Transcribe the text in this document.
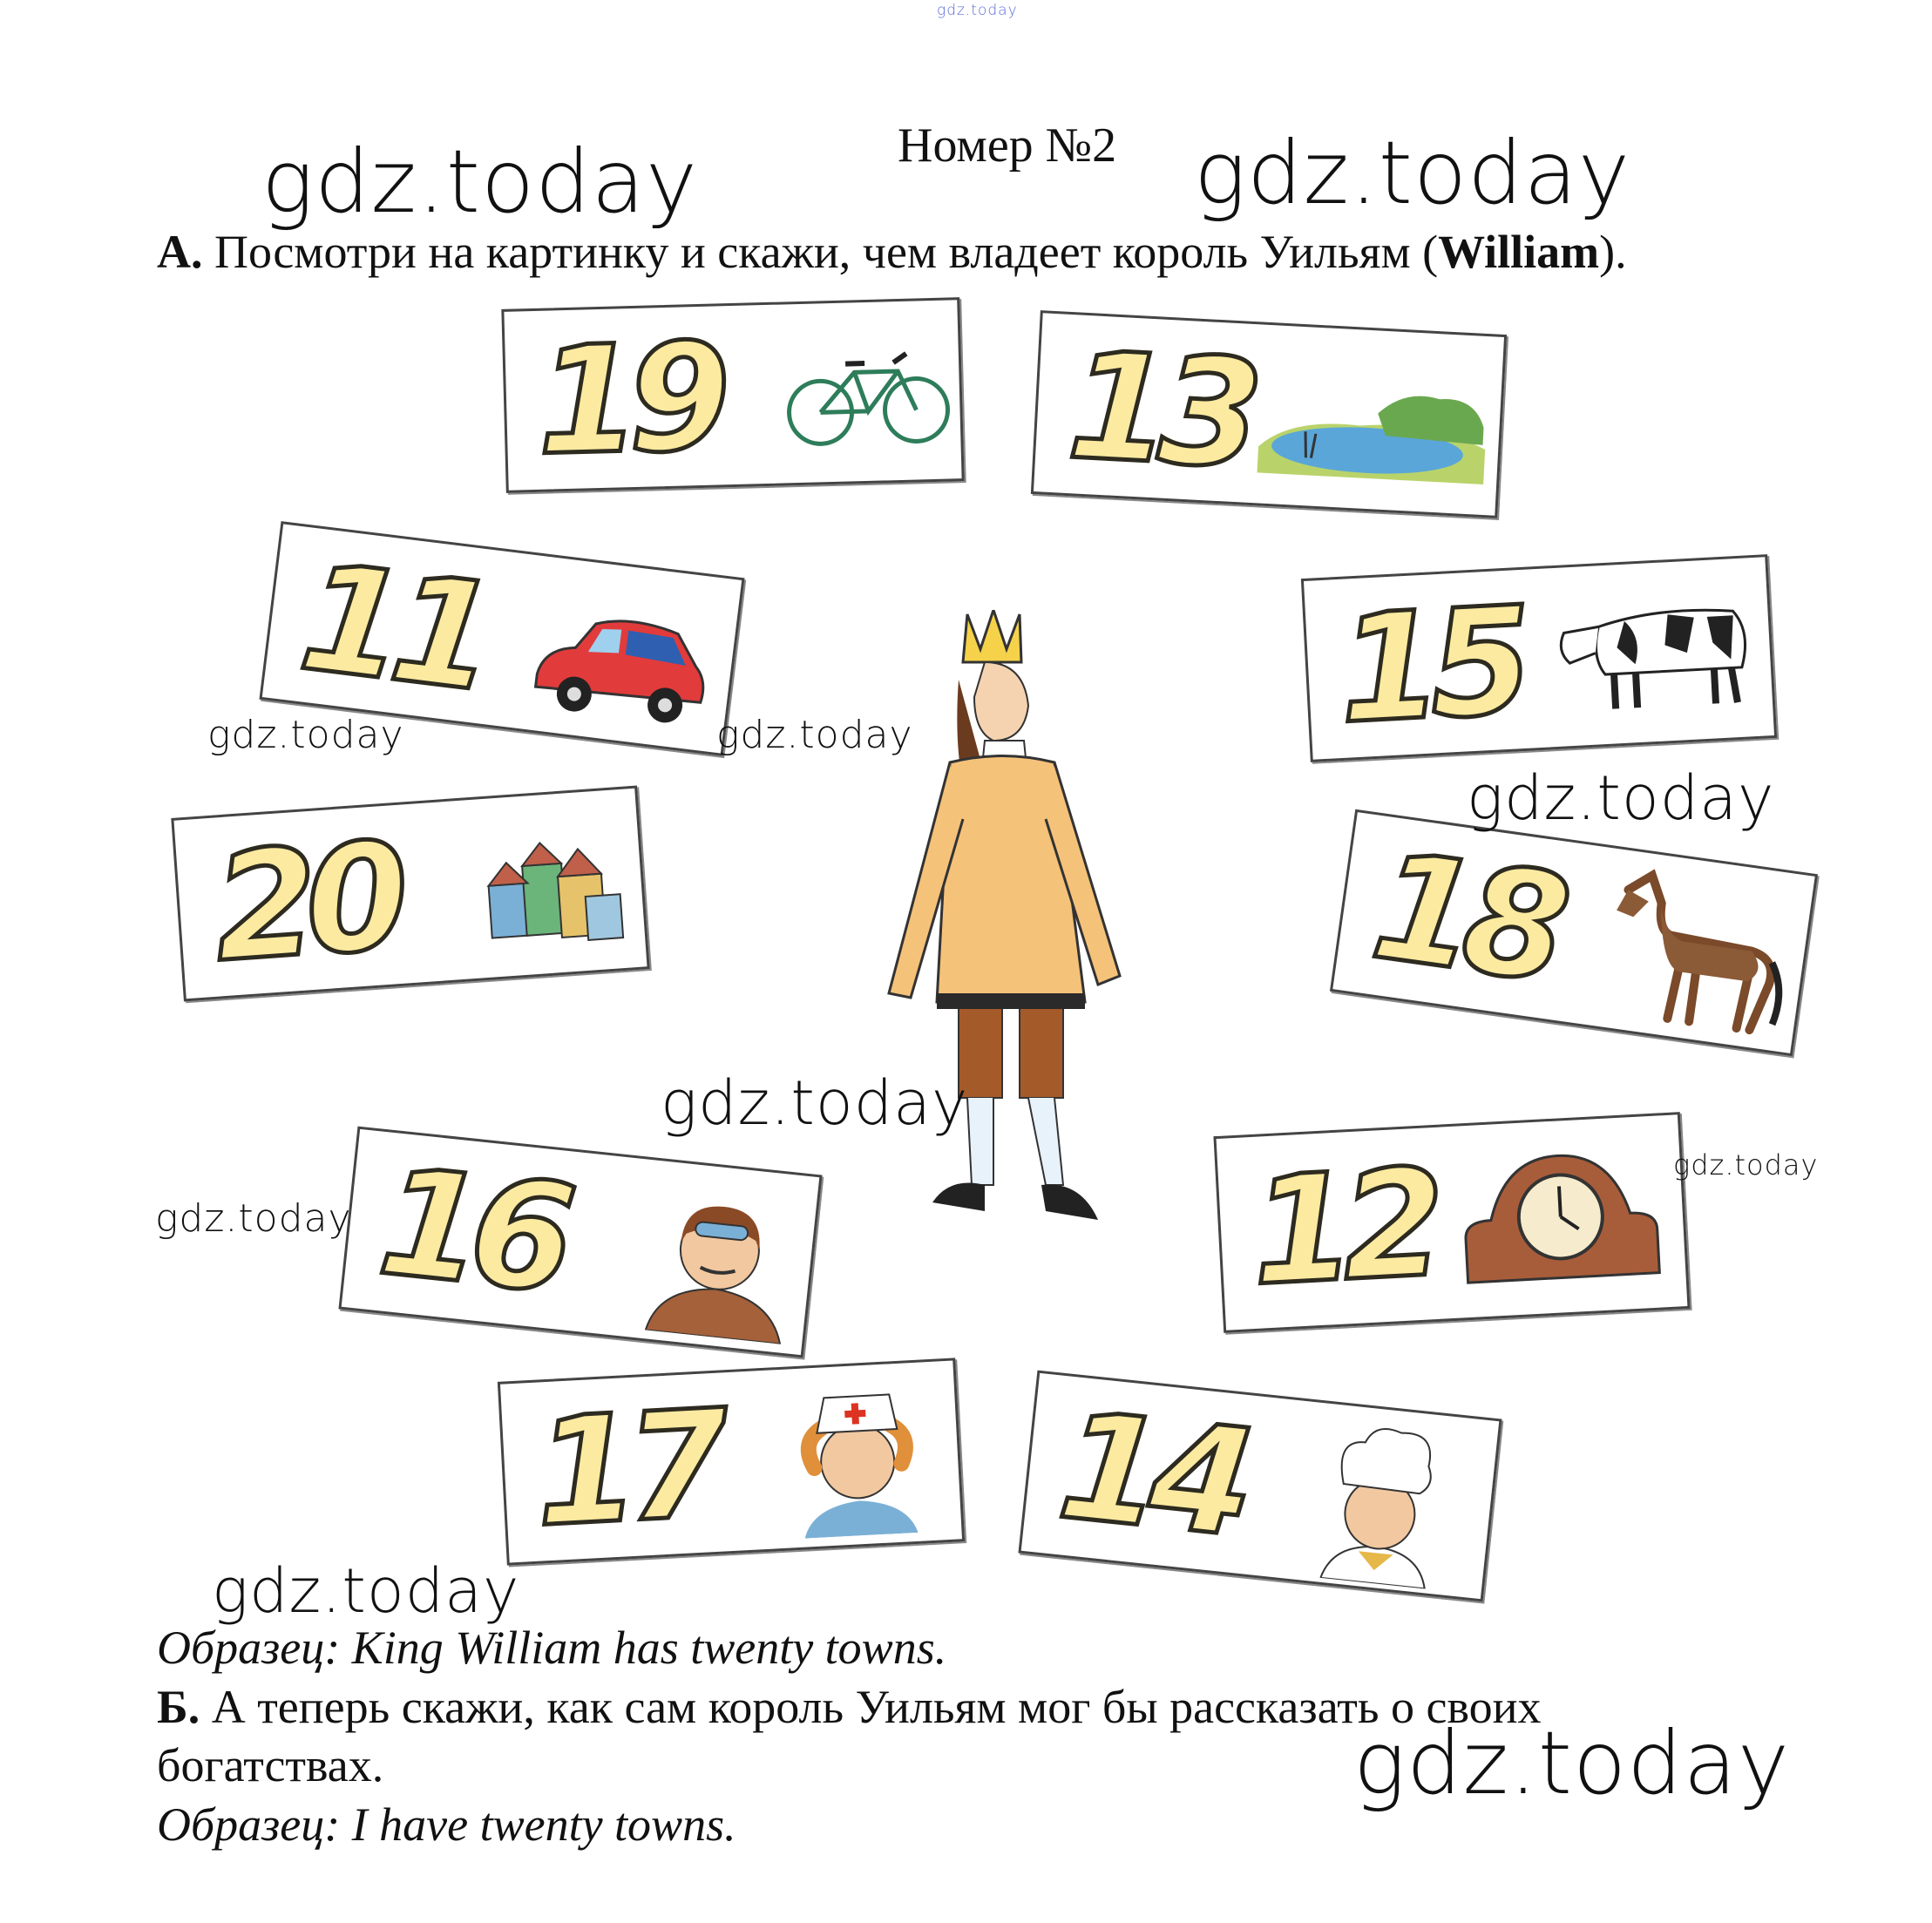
gdz.today
Номер №2
А. Посмотри на картинку и скажи, чем владеет король Уильям (William).
19 13
11	15
20	18
16	12
17 14
Образец: King William has twenty towns.
Б. А теперь скажи, как сам король Уильям мог бы рассказать о своих
богатствах.
Образец: I have twenty towns.
gdz.today	gdz.today
gdz.today	gdz.today
gdz.today
gdz.today
gdz.today
gdz.today
gdz.today
gdz.today
